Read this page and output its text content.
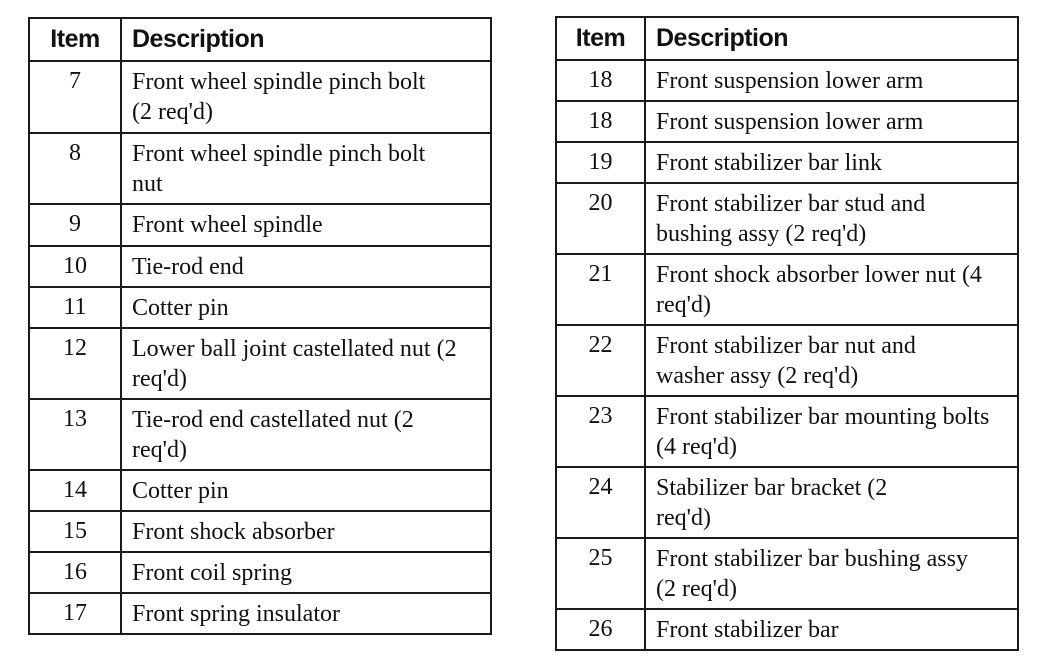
Item	Description
7	Front wheel spindle pinch bolt (2 req'd)

8	Front wheel spindle pinch bolt nut

9	Front wheel spindle
10	Tie-rod end
11	Cotter pin
12	Lower ball joint castellated nut (2 req'd)

13	Tie-rod end castellated nut (2 req'd)

14	Cotter pin
15	Front shock absorber
16	Front coil spring
17	Front spring insulator
Item	Description
18	Front suspension lower arm
18	Front suspension lower arm
19	Front stabilizer bar link
20	Front stabilizer bar stud and bushing assy (2 req'd)

21	Front shock absorber lower nut (4 req'd)

22	Front stabilizer bar nut and washer assy (2 req'd)

23	Front stabilizer bar mounting bolts (4 req'd)

24	Stabilizer bar bracket (2 req'd)

25	Front stabilizer bar bushing assy (2 req'd)

26	Front stabilizer bar
